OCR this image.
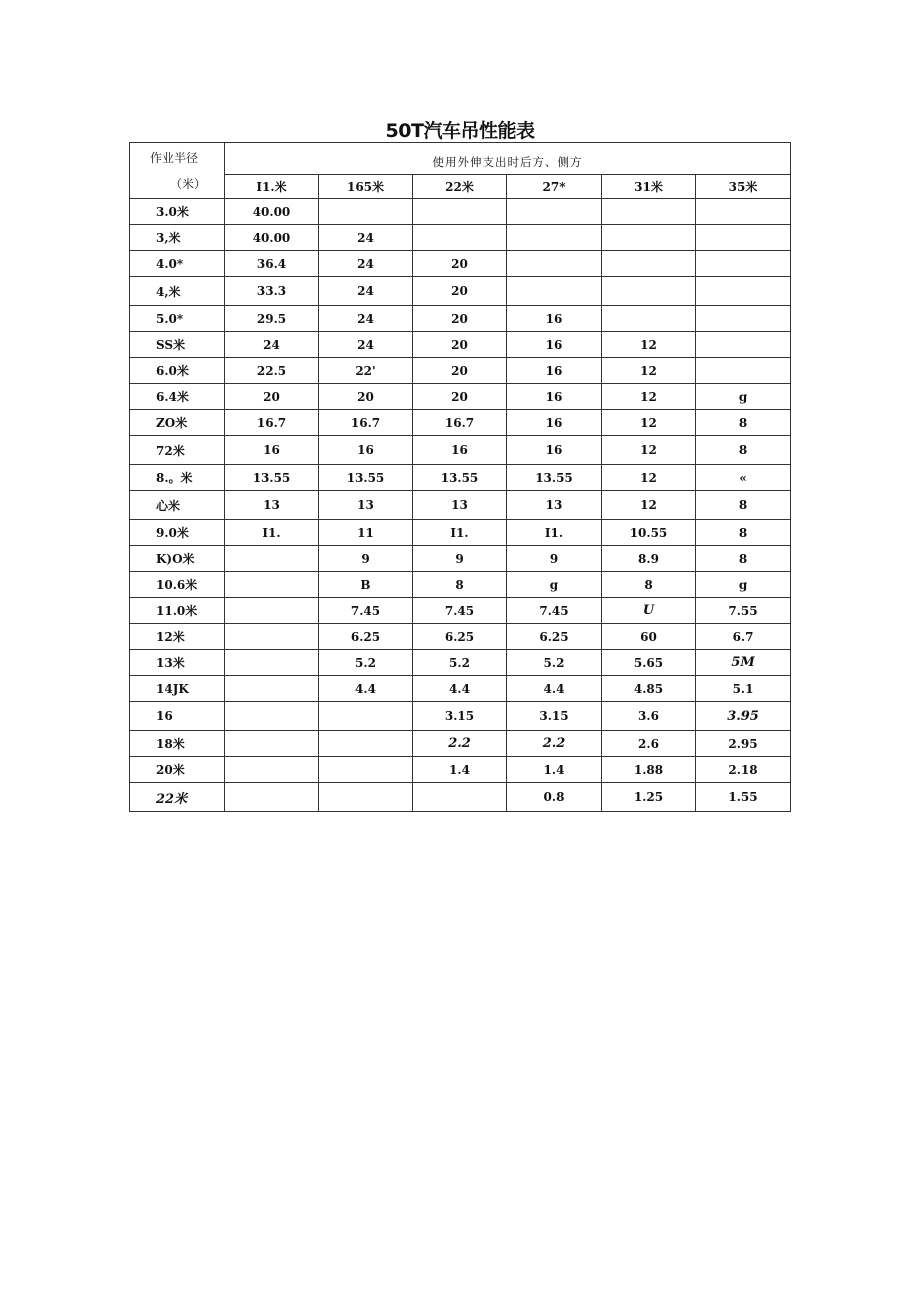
50T汽车吊性能表
作业半径
（米）	使用外伸支出时后方、侧方					
	I1.米	165米	22米	27*	31米	35米
3.0米	40.00					
3,米	40.00	24				
4.0*	36.4	24	20			
4,米	33.3	24	20			
5.0*	29.5	24	20	16		
SS米	24	24	20	16	12	
6.0米	22.5	22'	20	16	12	
6.4米	20	20	20	16	12	g
ZO米	16.7	16.7	16.7	16	12	8
72米	16	16	16	16	12	8
8.。米	13.55	13.55	13.55	13.55	12	«
心米	13	13	13	13	12	8
9.0米	I1.	11	I1.	I1.	10.55	8
K)O米		9	9	9	8.9	8
10.6米		B	8	g	8	g
11.0米		7.45	7.45	7.45	U	7.55
12米		6.25	6.25	6.25	60	6.7
13米		5.2	5.2	5.2	5.65	5M
14JK		4.4	4.4	4.4	4.85	5.1
16			3.15	3.15	3.6	3.95
18米			2.2	2.2	2.6	2.95
20米			1.4	1.4	1.88	2.18
22米				0.8	1.25	1.55
